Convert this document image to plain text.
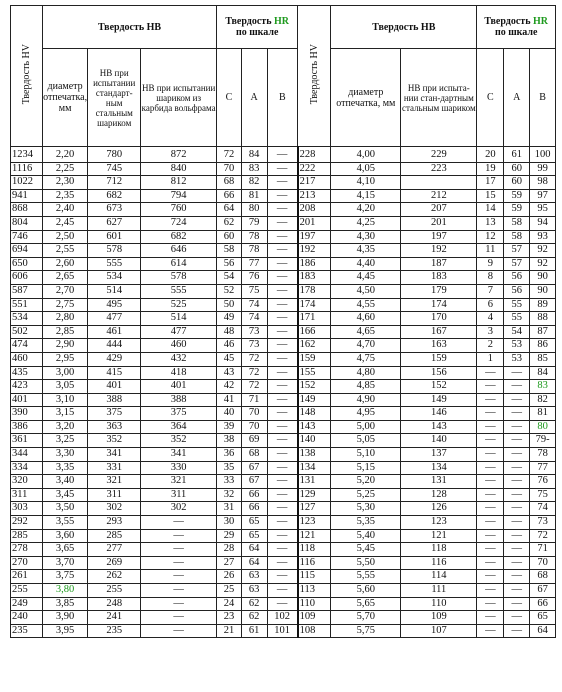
Твердость HV	Твердость HB			Твердость HR
по шкале			Твердость HV	Твердость HB		Твердость HR
по шкале		
	диаметр отпечатка, мм	HB при испытании стандарт-ным стальным шариком	HB при испытании шариком из карбида вольфрама	C	A	B		диаметр отпечатка, мм	HB при испыта-нии стан-дартным стальным шариком	C	A	B
1234	2,20	780	872	72	84	—	228	4,00	229	20	61	100
1116	2,25	745	840	70	83	—	222	4,05	223	19	60	99
1022	2,30	712	812	68	82	—	217	4,10		17	60	98
941	2,35	682	794	66	81	—	213	4,15	212	15	59	97
868	2,40	673	760	64	80	—	208	4,20	207	14	59	95
804	2,45	627	724	62	79	—	201	4,25	201	13	58	94
746	2,50	601	682	60	78	—	197	4,30	197	12	58	93
694	2,55	578	646	58	78	—	192	4,35	192	11	57	92
650	2,60	555	614	56	77	—	186	4,40	187	9	57	92
606	2,65	534	578	54	76	—	183	4,45	183	8	56	90
587	2,70	514	555	52	75	—	178	4,50	179	7	56	90
551	2,75	495	525	50	74	—	174	4,55	174	6	55	89
534	2,80	477	514	49	74	—	171	4,60	170	4	55	88
502	2,85	461	477	48	73	—	166	4,65	167	3	54	87
474	2,90	444	460	46	73	—	162	4,70	163	2	53	86
460	2,95	429	432	45	72	—	159	4,75	159	1	53	85
435	3,00	415	418	43	72	—	155	4,80	156	—	—	84
423	3,05	401	401	42	72	—	152	4,85	152	—	—	83
401	3,10	388	388	41	71	—	149	4,90	149	—	—	82
390	3,15	375	375	40	70	—	148	4,95	146	—	—	81
386	3,20	363	364	39	70	—	143	5,00	143	—	—	80
361	3,25	352	352	38	69	—	140	5,05	140	—	—	79-
344	3,30	341	341	36	68	—	138	5,10	137	—	—	78
334	3,35	331	330	35	67	—	134	5,15	134	—	—	77
320	3,40	321	321	33	67	—	131	5,20	131	—	—	76
311	3,45	311	311	32	66	—	129	5,25	128	—	—	75
303	3,50	302	302	31	66	—	127	5,30	126	—	—	74
292	3,55	293	—	30	65	—	123	5,35	123	—	—	73
285	3,60	285	—	29	65	—	121	5,40	121	—	—	72
278	3,65	277	—	28	64	—	118	5,45	118	—	—	71
270	3,70	269	—	27	64	—	116	5,50	116	—	—	70
261	3,75	262	—	26	63	—	115	5,55	114	—	—	68
255	3,80	255	—	25	63	—	113	5,60	111	—	—	67
249	3,85	248	—	24	62	—	110	5,65	110	—	—	66
240	3,90	241	—	23	62	102	109	5,70	109	—	—	65
235	3,95	235	—	21	61	101	108	5,75	107	—	—	64
